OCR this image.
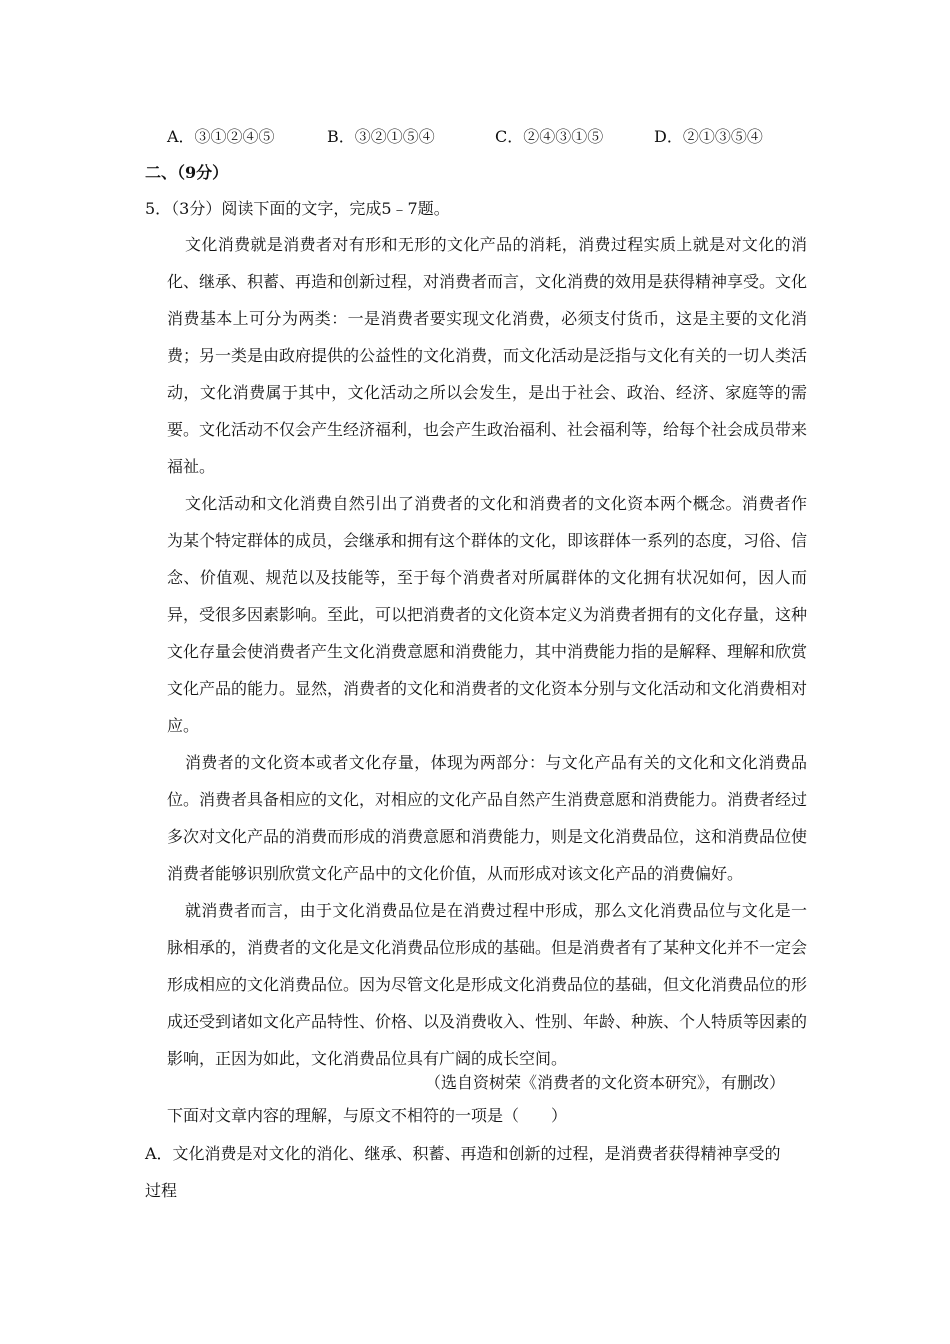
A．③①②④⑤	B．③②①⑤④	C．②④③①⑤	D．②①③⑤④
二、（9分）
5．（3分）阅读下面的文字，完成5﹣7题。

文化消费就是消费者对有形和无形的文化产品的消耗，消费过程实质上就是对文化的消化、继承、积蓄、再造和创新过程，对消费者而言，文化消费的效用是获得精神享受。文化消费基本上可分为两类：一是消费者要实现文化消费，必须支付货币，这是主要的文化消费；另一类是由政府提供的公益性的文化消费，而文化活动是泛指与文化有关的一切人类活动，文化消费属于其中，文化活动之所以会发生，是出于社会、政治、经济、家庭等的需要。文化活动不仅会产生经济福利，也会产生政治福利、社会福利等，给每个社会成员带来福祉。

文化活动和文化消费自然引出了消费者的文化和消费者的文化资本两个概念。消费者作为某个特定群体的成员，会继承和拥有这个群体的文化，即该群体一系列的态度，习俗、信念、价值观、规范以及技能等，至于每个消费者对所属群体的文化拥有状况如何，因人而异，受很多因素影响。至此，可以把消费者的文化资本定义为消费者拥有的文化存量，这种文化存量会使消费者产生文化消费意愿和消费能力，其中消费能力指的是解释、理解和欣赏文化产品的能力。显然，消费者的文化和消费者的文化资本分别与文化活动和文化消费相对应。

消费者的文化资本或者文化存量，体现为两部分：与文化产品有关的文化和文化消费品位。消费者具备相应的文化，对相应的文化产品自然产生消费意愿和消费能力。消费者经过多次对文化产品的消费而形成的消费意愿和消费能力，则是文化消费品位，这和消费品位使消费者能够识别欣赏文化产品中的文化价值，从而形成对该文化产品的消费偏好。

就消费者而言，由于文化消费品位是在消费过程中形成，那么文化消费品位与文化是一脉相承的，消费者的文化是文化消费品位形成的基础。但是消费者有了某种文化并不一定会形成相应的文化消费品位。因为尽管文化是形成文化消费品位的基础，但文化消费品位的形成还受到诸如文化产品特性、价格、以及消费收入、性别、年龄、种族、个人特质等因素的影响，正因为如此，文化消费品位具有广阔的成长空间。

（选自资树荣《消费者的文化资本研究》，有删改）
下面对文章内容的理解，与原文不相符的一项是（　　）
A．文化消费是对文化的消化、继承、积蓄、再造和创新的过程，是消费者获得精神享受的
过程
